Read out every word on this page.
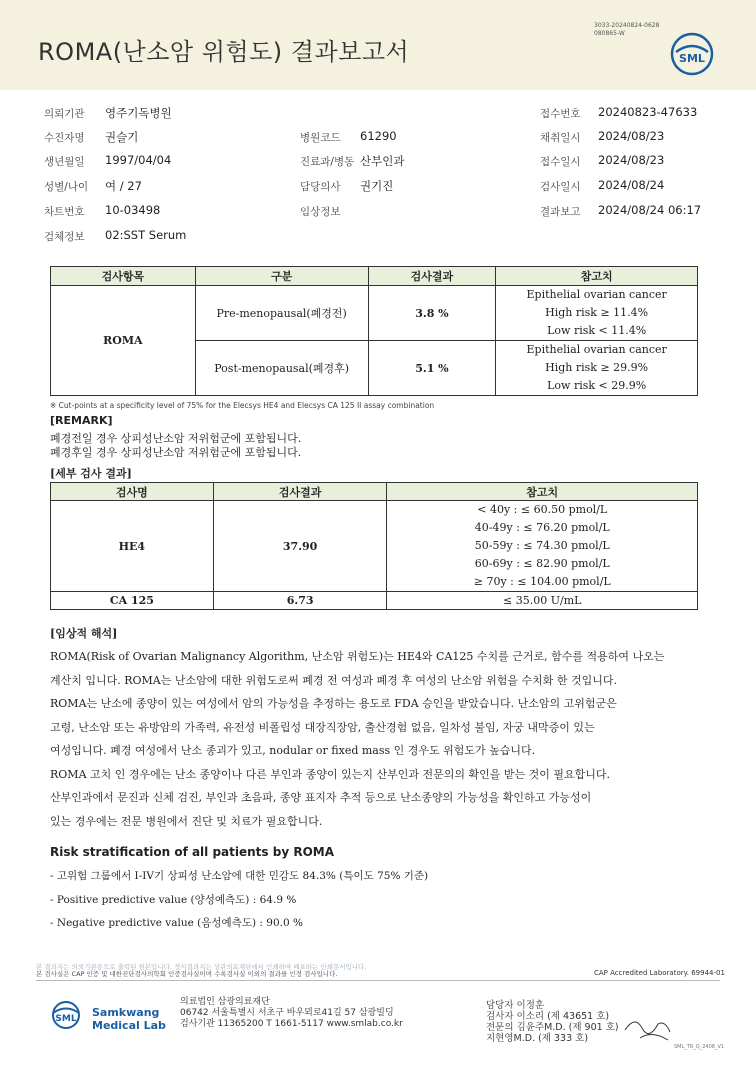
ROMA(난소암 위험도) 결과보고서
3033-20240824-0628
080865-W
SML
의뢰기관 영주기독병원	접수번호 20240823-47633
수진자명 권슬기	병원코드 61290	채취일시 2024/08/23
생년월일 1997/04/04	진료과/병동 산부인과	접수일시 2024/08/23
성별/나이 여 / 27	담당의사 권기진	검사일시 2024/08/24
차트번호 10-03498	임상정보	결과보고 2024/08/24 06:17
검체정보 02:SST Serum
검사항목	구분	검사결과	참고치
ROMA	Pre-menopausal(폐경전)	3.8 %	Epithelial ovarian cancer
High risk ≥ 11.4%
Low risk < 11.4%

	Post-menopausal(폐경후)	5.1 %	Epithelial ovarian cancer
High risk ≥ 29.9%
Low risk < 29.9%
※ Cut-points at a specificity level of 75% for the Elecsys HE4 and Elecsys CA 125 II assay combination
[REMARK]
폐경전일 경우 상피성난소암 저위험군에 포함됩니다.
폐경후일 경우 상피성난소암 저위험군에 포함됩니다.
[세부 검사 결과]
검사명	검사결과	참고치
HE4	37.90	< 40y : ≤ 60.50 pmol/L
40-49y : ≤ 76.20 pmol/L
50-59y : ≤ 74.30 pmol/L
60-69y : ≤ 82.90 pmol/L
≥ 70y : ≤ 104.00 pmol/L

CA 125	6.73	≤ 35.00 U/mL
[임상적 해석]
ROMA(Risk of Ovarian Malignancy Algorithm, 난소암 위험도)는 HE4와 CA125 수치를 근거로, 함수를 적용하여 나오는
계산치 입니다. ROMA는 난소암에 대한 위험도로써 폐경 전 여성과 폐경 후 여성의 난소암 위험을 수치화 한 것입니다.
ROMA는 난소에 종양이 있는 여성에서 암의 가능성을 추정하는 용도로 FDA 승인을 받았습니다. 난소암의 고위험군은
고령, 난소암 또는 유방암의 가족력, 유전성 비폴립성 대장직장암, 출산경험 없음, 일차성 불임, 자궁 내막증이 있는
여성입니다. 폐경 여성에서 난소 종괴가 있고, nodular or fixed mass 인 경우도 위험도가 높습니다.
ROMA 고치 인 경우에는 난소 종양이나 다른 부인과 종양이 있는지 산부인과 전문의의 확인을 받는 것이 필요합니다.
산부인과에서 문진과 신체 검진, 부인과 초음파, 종양 표지자 추적 등으로 난소종양의 가능성을 확인하고 가능성이
있는 경우에는 전문 병원에서 진단 및 치료가 필요합니다.
Risk stratification of all patients by ROMA
- 고위험 그룹에서 I-IV기 상피성 난소암에 대한 민감도 84.3% (특이도 75% 기준)
- Positive predictive value (양성예측도) : 64.9 %
- Negative predictive value (음성예측도) : 90.0 %
본 결과지는 의뢰기관용으로 출력된 원본입니다. 정식결과지는 상관의료재단에서 인쇄하여 배포하는 인쇄문서입니다.
본 검사실은 CAP 인증 및 대한진단검사의학회 인증검사실이며 수록검사실 이외의 결과를 인정 검사입니다.	CAP Accredited Laboratory. 69944-01
SML Samkwang
Medical Lab
의료법인 삼광의료재단
06742 서울특별시 서초구 바우뫼로41길 57 삼광빌딩
검사기관 11365200 T 1661-5117 www.smlab.co.kr
담당자 이정훈
검사자 이소리 (제 43651 호)
전문의 김윤주M.D. (제 901 호)
지현영M.D. (제 333 호)
SML_TR_Q_2408_V1
